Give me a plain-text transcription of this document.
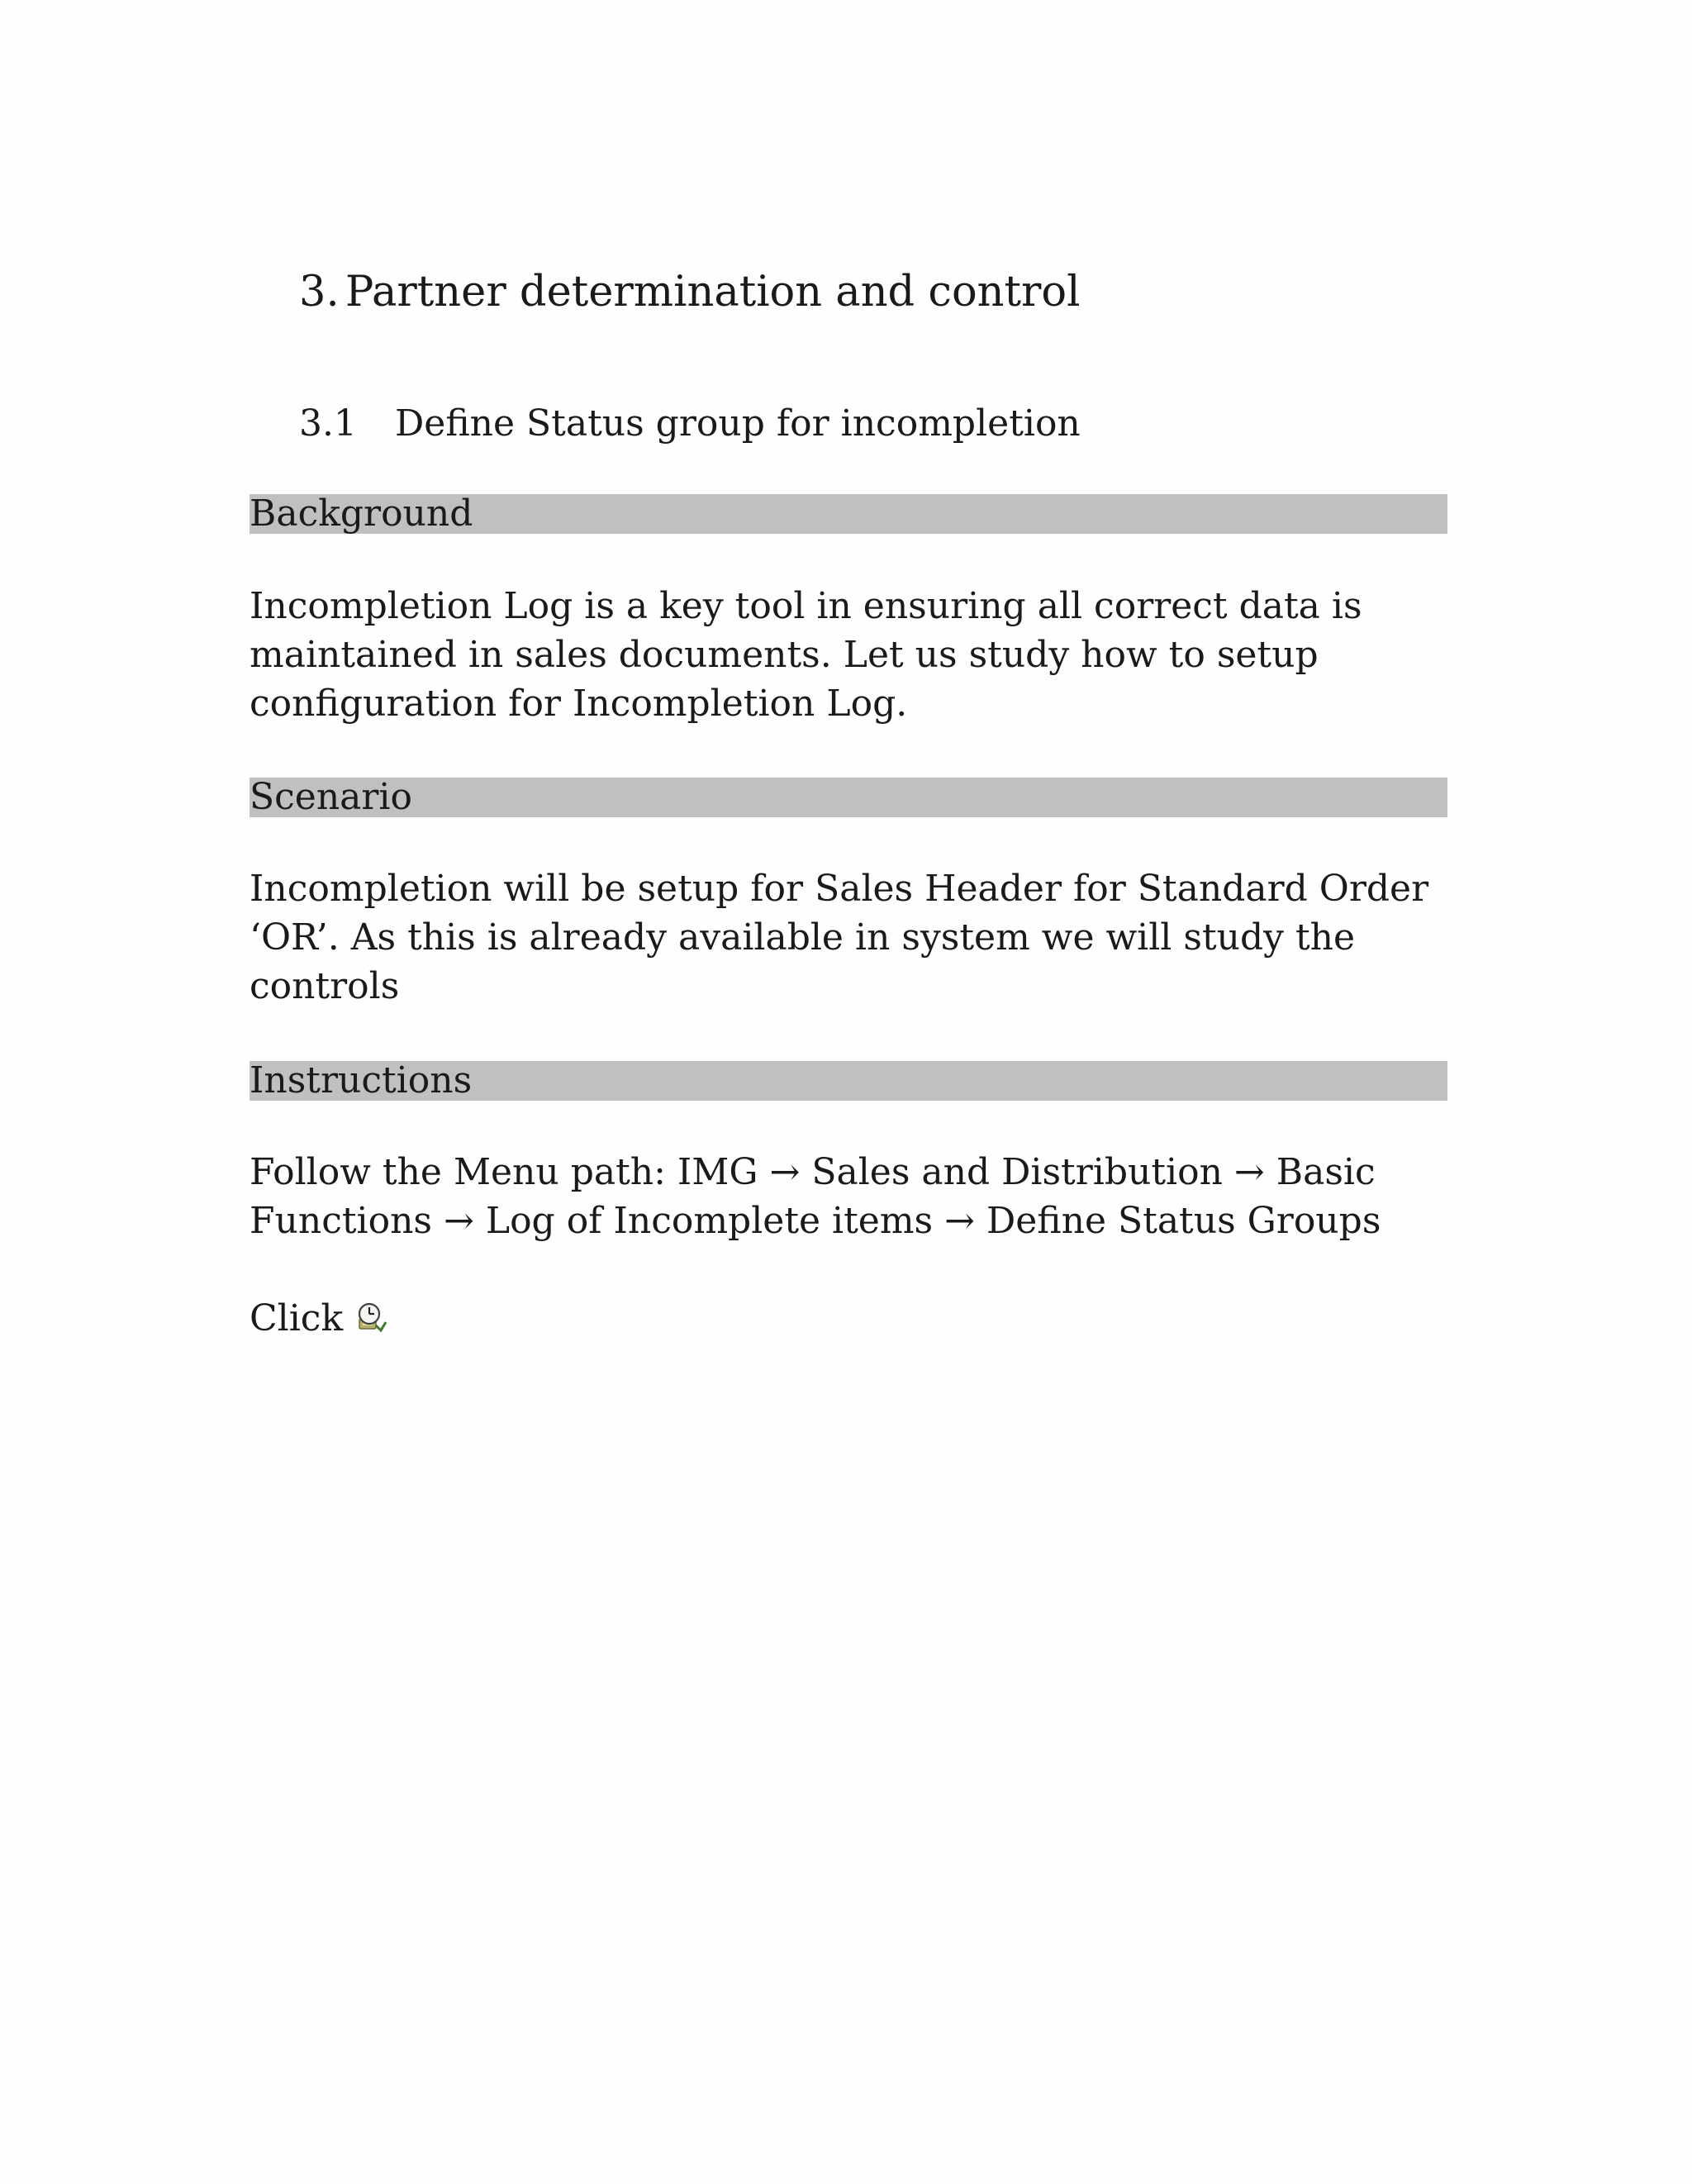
3. Partner determination and control
3.1 Define Status group for incompletion
Background
Incompletion Log is a key tool in ensuring all correct data is
maintained in sales documents. Let us study how to setup
configuration for Incompletion Log.
Scenario
Incompletion will be setup for Sales Header for Standard Order
‘OR’. As this is already available in system we will study the
controls
Instructions
Follow the Menu path: IMG → Sales and Distribution → Basic
Functions → Log of Incomplete items → Define Status Groups
Click
